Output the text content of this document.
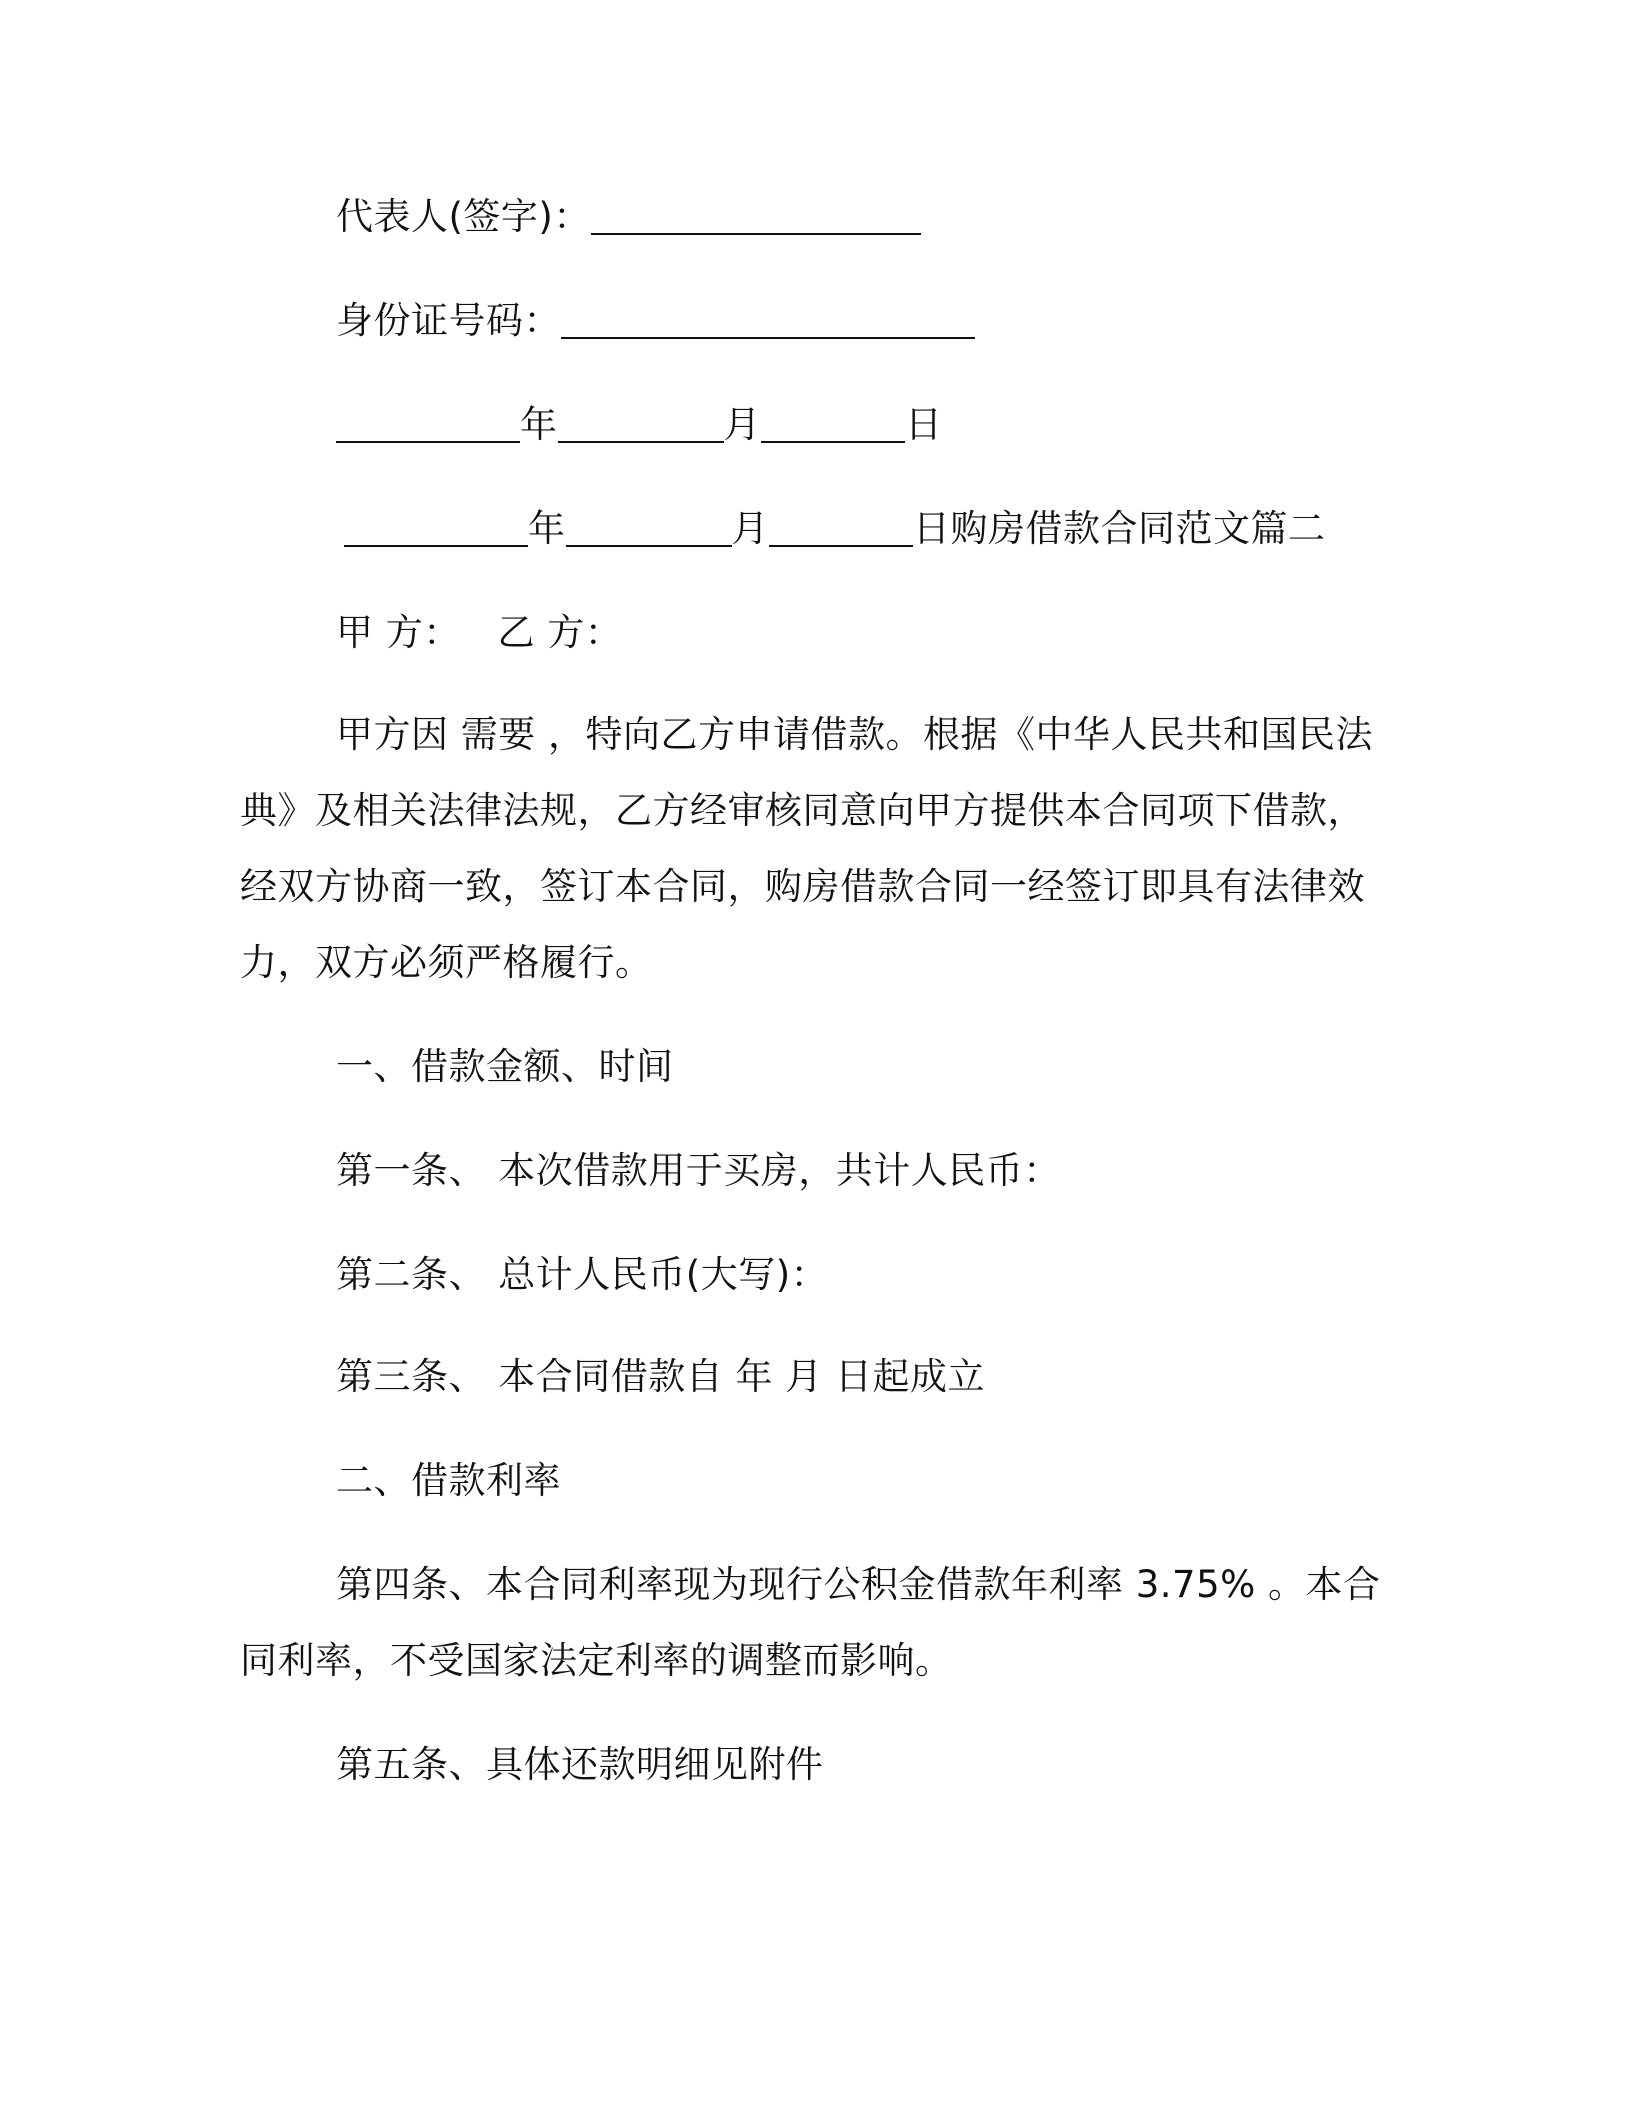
代表人(签字)：
身份证号码：
年	月	日
年	月	日购房借款合同范文篇二
甲 方：   乙 方：
甲方因 需要 ，特向乙方申请借款。根据《中华人民共和国民法
典》及相关法律法规，乙方经审核同意向甲方提供本合同项下借款，
经双方协商一致，签订本合同，购房借款合同一经签订即具有法律效
力，双方必须严格履行。
一、借款金额、时间
第一条、 本次借款用于买房，共计人民币：
第二条、 总计人民币(大写)：
第三条、 本合同借款自 年 月 日起成立
二、借款利率
第四条、本合同利率现为现行公积金借款年利率 3.75% 。本合
同利率，不受国家法定利率的调整而影响。
第五条、具体还款明细见附件
